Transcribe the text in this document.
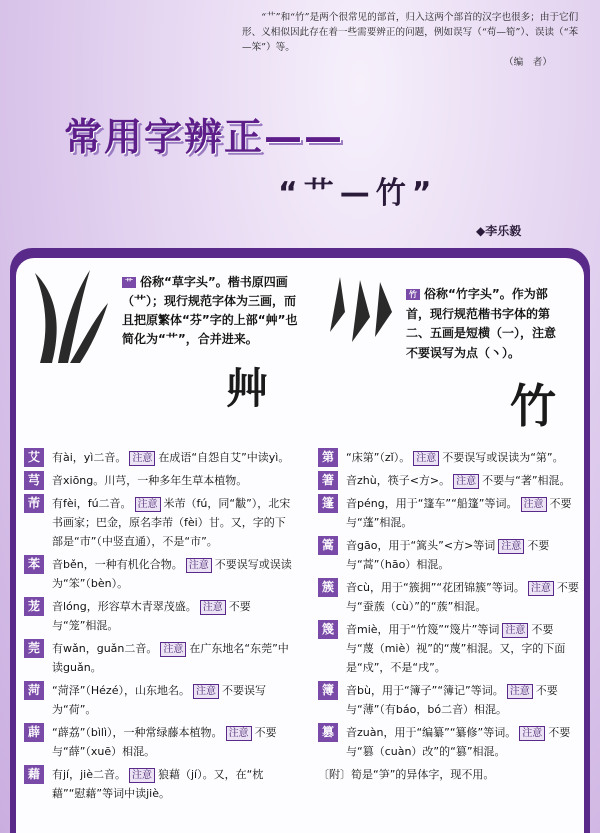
“艹”和“竹”是两个很常见的部首，归入这两个部首的汉字也很多；由于它们形、义相似因此存在着一些需要辨正的问题，例如误写（“苟—筍”）、误读（“苯—笨”）等。
（编　者）
常用字辨正——
“艹—竹”
◆李乐毅
艹 俗称“草字头”。楷书原四画（艹）；现行规范字体为三画，而且把原繁体“芬”字的上部“艸”也简化为“艹”，合并进来。
竹 俗称“竹字头”。作为部首，现行规范楷书字体的第二、五画是短横（一），注意不要误写为点（丶）。
艸	竹
艾	有ài，yì二音。 注意 在成语“自怨自艾”中读yì。
芎	音xiōng。川芎，一种多年生草本植物。
芾	有fèi，fú二音。 注意 米芾（fú，同“黻”），北宋书画家；巴金，原名李芾（fèi）甘。又，字的下部是“巿”（中竖直通），不是“市”。
苯	音běn，一种有机化合物。 注意 不要误写或误读为“笨”（bèn）。
茏	音lóng，形容草木青翠茂盛。 注意 不要与“笼”相混。
莞	有wǎn，guǎn二音。 注意 在广东地名“东莞”中读guǎn。
菏	“菏泽”（Hézé），山东地名。 注意 不要误写为“荷”。
薜	“薜荔”（bìlì），一种常绿藤本植物。 注意 不要与“薛”（xuē）相混。
藉	有jí，jiè二音。 注意 狼藉（jí）。又，在“枕藉”“慰藉”等词中读jiè。
第	“床第”（zǐ）。 注意 不要误写或误读为“第”。
箸	音zhù，筷子<方>。 注意 不要与“著”相混。
篷	音péng，用于“篷车”“船篷”等词。 注意 不要与“蓬”相混。
篙	音gāo，用于“篙头”<方>等词 注意 不要与“蒿”（hāo）相混。
簇	音cù，用于“簇拥”“花团锦簇”等词。 注意 不要与“蚕蔟（cù）”的“蔟”相混。
篾	音miè，用于“竹篾”“篾片”等词 注意 不要与“蔑（miè）视”的“蔑”相混。又，字的下面是“戍”，不是“戌”。
簿	音bù，用于“簿子”“簿记”等词。 注意 不要与“薄”（有báo，bó二音）相混。
篡	音zuàn，用于“编纂”“纂修”等词。 注意 不要与“篡（cuàn）改”的“篡”相混。
〔附〕筍是“笋”的异体字，现不用。
